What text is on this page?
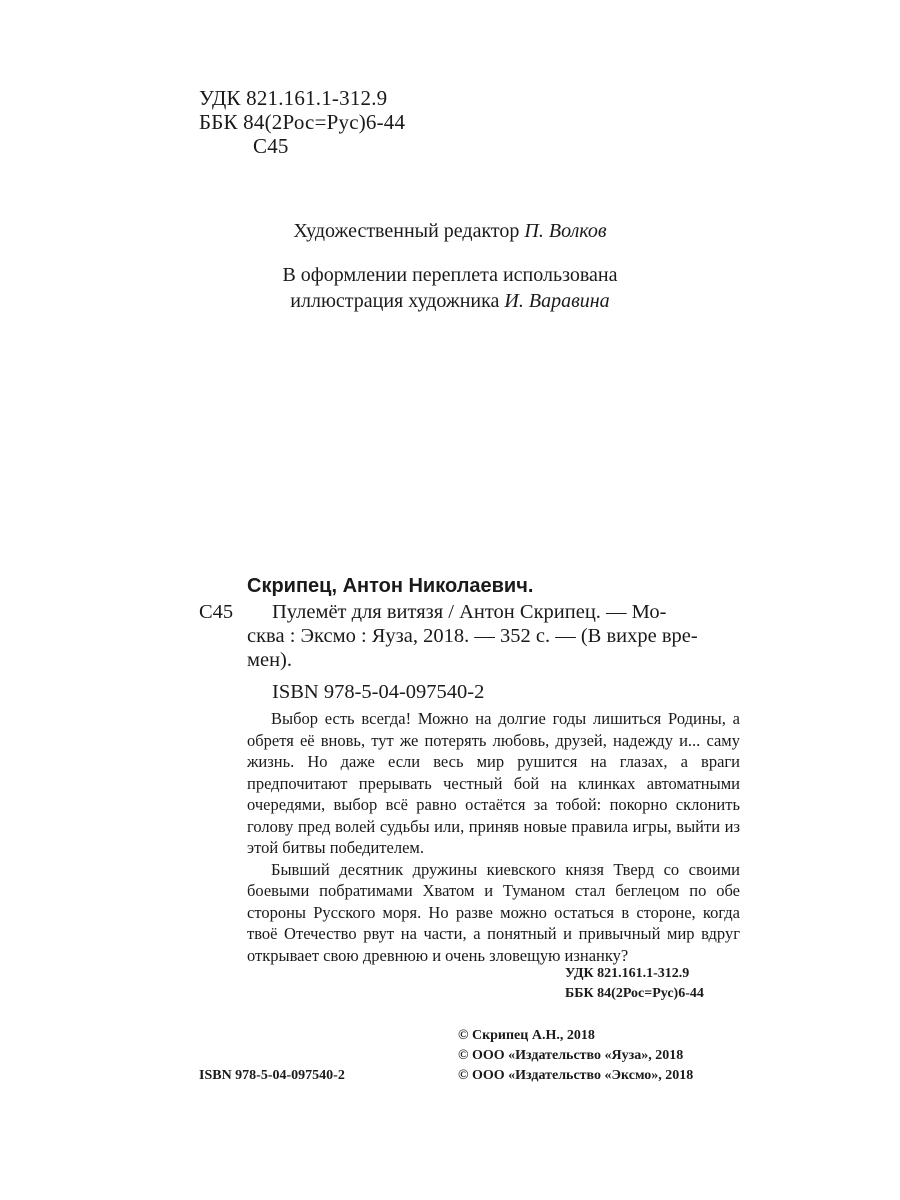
УДК 821.161.1-312.9
ББК 84(2Рос=Рус)6-44
С45
Художественный редактор П. Волков
В оформлении переплета использована
иллюстрация художника И. Варавина
Скрипец, Антон Николаевич.
С45 Пулемёт для витязя / Антон Скрипец. — Мо-
сква : Эксмо : Яуза, 2018. — 352 с. — (В вихре вре-
мен).
ISBN 978-5-04-097540-2

Выбор есть всегда! Можно на долгие годы лишиться Родины, а обретя её вновь, тут же потерять любовь, друзей, надежду и... саму жизнь. Но даже если весь мир рушится на глазах, а враги предпочитают прерывать честный бой на клинках автоматными очередями, выбор всё равно остаётся за тобой: покорно склонить голову пред волей судьбы или, приняв новые правила игры, выйти из этой битвы победителем.

Бывший десятник дружины киевского князя Тверд со своими боевыми побратимами Хватом и Туманом стал беглецом по обе стороны Русского моря. Но разве можно остаться в стороне, когда твоё Отечество рвут на части, а понятный и привычный мир вдруг открывает свою древнюю и очень зловещую изнанку?

УДК 821.161.1-312.9
ББК 84(2Рос=Рус)6-44
© Скрипец А.Н., 2018
© ООО «Издательство «Яуза», 2018
ISBN 978-5-04-097540-2	© ООО «Издательство «Эксмо», 2018
